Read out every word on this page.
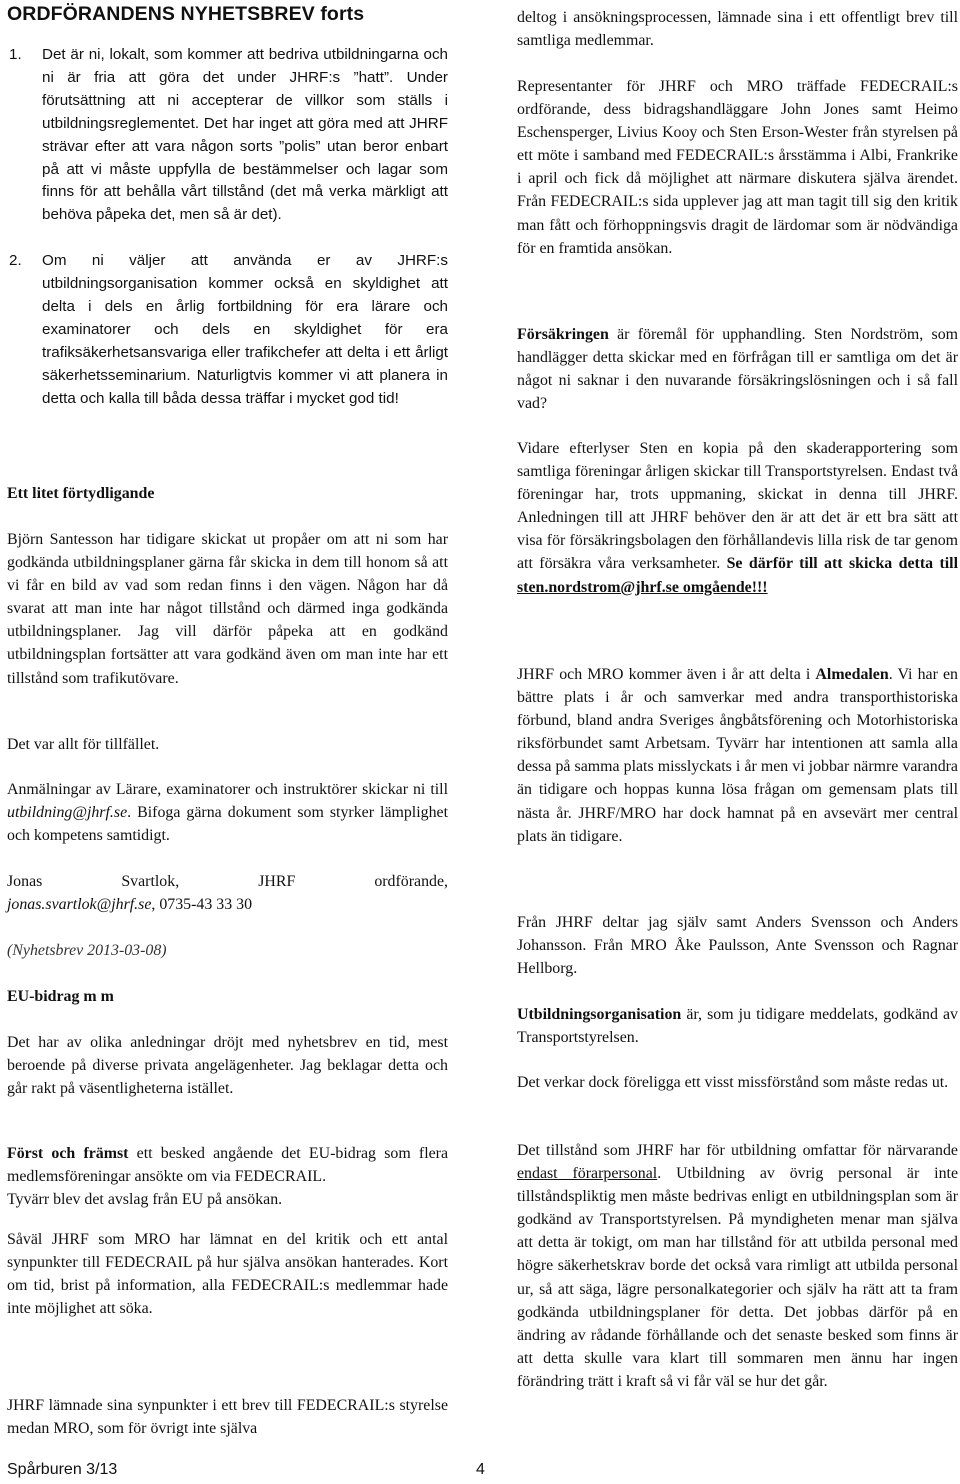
ORDFÖRANDENS NYHETSBREV forts
1. Det är ni, lokalt, som kommer att bedriva utbildningarna och ni är fria att göra det under JHRF:s ”hatt”. Under förutsättning att ni accepterar de villkor som ställs i utbildningsreglementet. Det har inget att göra med att JHRF strävar efter att vara någon sorts ”polis” utan beror enbart på att vi måste uppfylla de bestämmelser och lagar som finns för att behålla vårt tillstånd (det må verka märkligt att behöva påpeka det, men så är det).
2. Om ni väljer att använda er av JHRF:s utbildningsorganisation kommer också en skyldighet att delta i dels en årlig fortbildning för era lärare och examinatorer och dels en skyldighet för era trafiksäkerhetsansvariga eller trafikchefer att delta i ett årligt säkerhetsseminarium. Naturligtvis kommer vi att planera in detta och kalla till båda dessa träffar i mycket god tid!

Ett litet förtydligande

Björn Santesson har tidigare skickat ut propåer om att ni som har godkända utbildningsplaner gärna får skicka in dem till honom så att vi får en bild av vad som redan finns i den vägen. Någon har då svarat att man inte har något tillstånd och därmed inga godkända utbildningsplaner. Jag vill därför påpeka att en godkänd utbildningsplan fortsätter att vara godkänd även om man inte har ett tillstånd som trafikutövare.

Det var allt för tillfället.

Anmälningar av Lärare, examinatorer och instruktörer skickar ni till utbildning@jhrf.se. Bifoga gärna dokument som styrker lämplighet och kompetens samtidigt.

Jonas Svartlok, JHRF ordförande,
jonas.svartlok@jhrf.se, 0735-43 33 30

(Nyhetsbrev 2013-03-08)

EU-bidrag m m

Det har av olika anledningar dröjt med nyhetsbrev en tid, mest beroende på diverse privata angelägenheter. Jag beklagar detta och går rakt på väsentligheterna istället.

Först och främst ett besked angående det EU-bidrag som flera medlemsföreningar ansökte om via FEDECRAIL.
Tyvärr blev det avslag från EU på ansökan.

Såväl JHRF som MRO har lämnat en del kritik och ett antal synpunkter till FEDECRAIL på hur själva ansökan hanterades. Kort om tid, brist på information, alla FEDECRAIL:s medlemmar hade inte möjlighet att söka.

JHRF lämnade sina synpunkter i ett brev till FEDECRAIL:s styrelse medan MRO, som för övrigt inte själva

deltog i ansökningsprocessen, lämnade sina i ett offentligt brev till samtliga medlemmar.

Representanter för JHRF och MRO träffade FEDECRAIL:s ordförande, dess bidragshandläggare John Jones samt Heimo Eschensperger, Livius Kooy och Sten Erson-Wester från styrelsen på ett möte i samband med FEDECRAIL:s årsstämma i Albi, Frankrike i april och fick då möjlighet att närmare diskutera själva ärendet. Från FEDECRAIL:s sida upplever jag att man tagit till sig den kritik man fått och förhoppningsvis dragit de lärdomar som är nödvändiga för en framtida ansökan.

Försäkringen är föremål för upphandling. Sten Nordström, som handlägger detta skickar med en förfrågan till er samtliga om det är något ni saknar i den nuvarande försäkringslösningen och i så fall vad?

Vidare efterlyser Sten en kopia på den skaderapportering som samtliga föreningar årligen skickar till Transportstyrelsen. Endast två föreningar har, trots uppmaning, skickat in denna till JHRF. Anledningen till att JHRF behöver den är att det är ett bra sätt att visa för försäkringsbolagen den förhållandevis lilla risk de tar genom att försäkra våra verksamheter. Se därför till att skicka detta till sten.nordstrom@jhrf.se omgående!!!

JHRF och MRO kommer även i år att delta i Almedalen. Vi har en bättre plats i år och samverkar med andra transporthistoriska förbund, bland andra Sveriges ångbåtsförening och Motorhistoriska riksförbundet samt Arbetsam. Tyvärr har intentionen att samla alla dessa på samma plats misslyckats i år men vi jobbar närmre varandra än tidigare och hoppas kunna lösa frågan om gemensam plats till nästa år. JHRF/MRO har dock hamnat på en avsevärt mer central plats än tidigare.

Från JHRF deltar jag själv samt Anders Svensson och Anders Johansson. Från MRO Åke Paulsson, Ante Svensson och Ragnar Hellborg.

Utbildningsorganisation är, som ju tidigare meddelats, godkänd av Transportstyrelsen.

Det verkar dock föreligga ett visst missförstånd som måste redas ut.

Det tillstånd som JHRF har för utbildning omfattar för närvarande endast förarpersonal. Utbildning av övrig personal är inte tillståndspliktig men måste bedrivas enligt en utbildningsplan som är godkänd av Transportstyrelsen. På myndigheten menar man själva att detta är tokigt, om man har tillstånd för att utbilda personal med högre säkerhetskrav borde det också vara rimligt att utbilda personal ur, så att säga, lägre personalkategorier och själv ha rätt att ta fram godkända utbildningsplaner för detta. Det jobbas därför på en ändring av rådande förhållande och det senaste besked som finns är att detta skulle vara klart till sommaren men ännu har ingen förändring trätt i kraft så vi får väl se hur det går.

Spårburen 3/13	4
